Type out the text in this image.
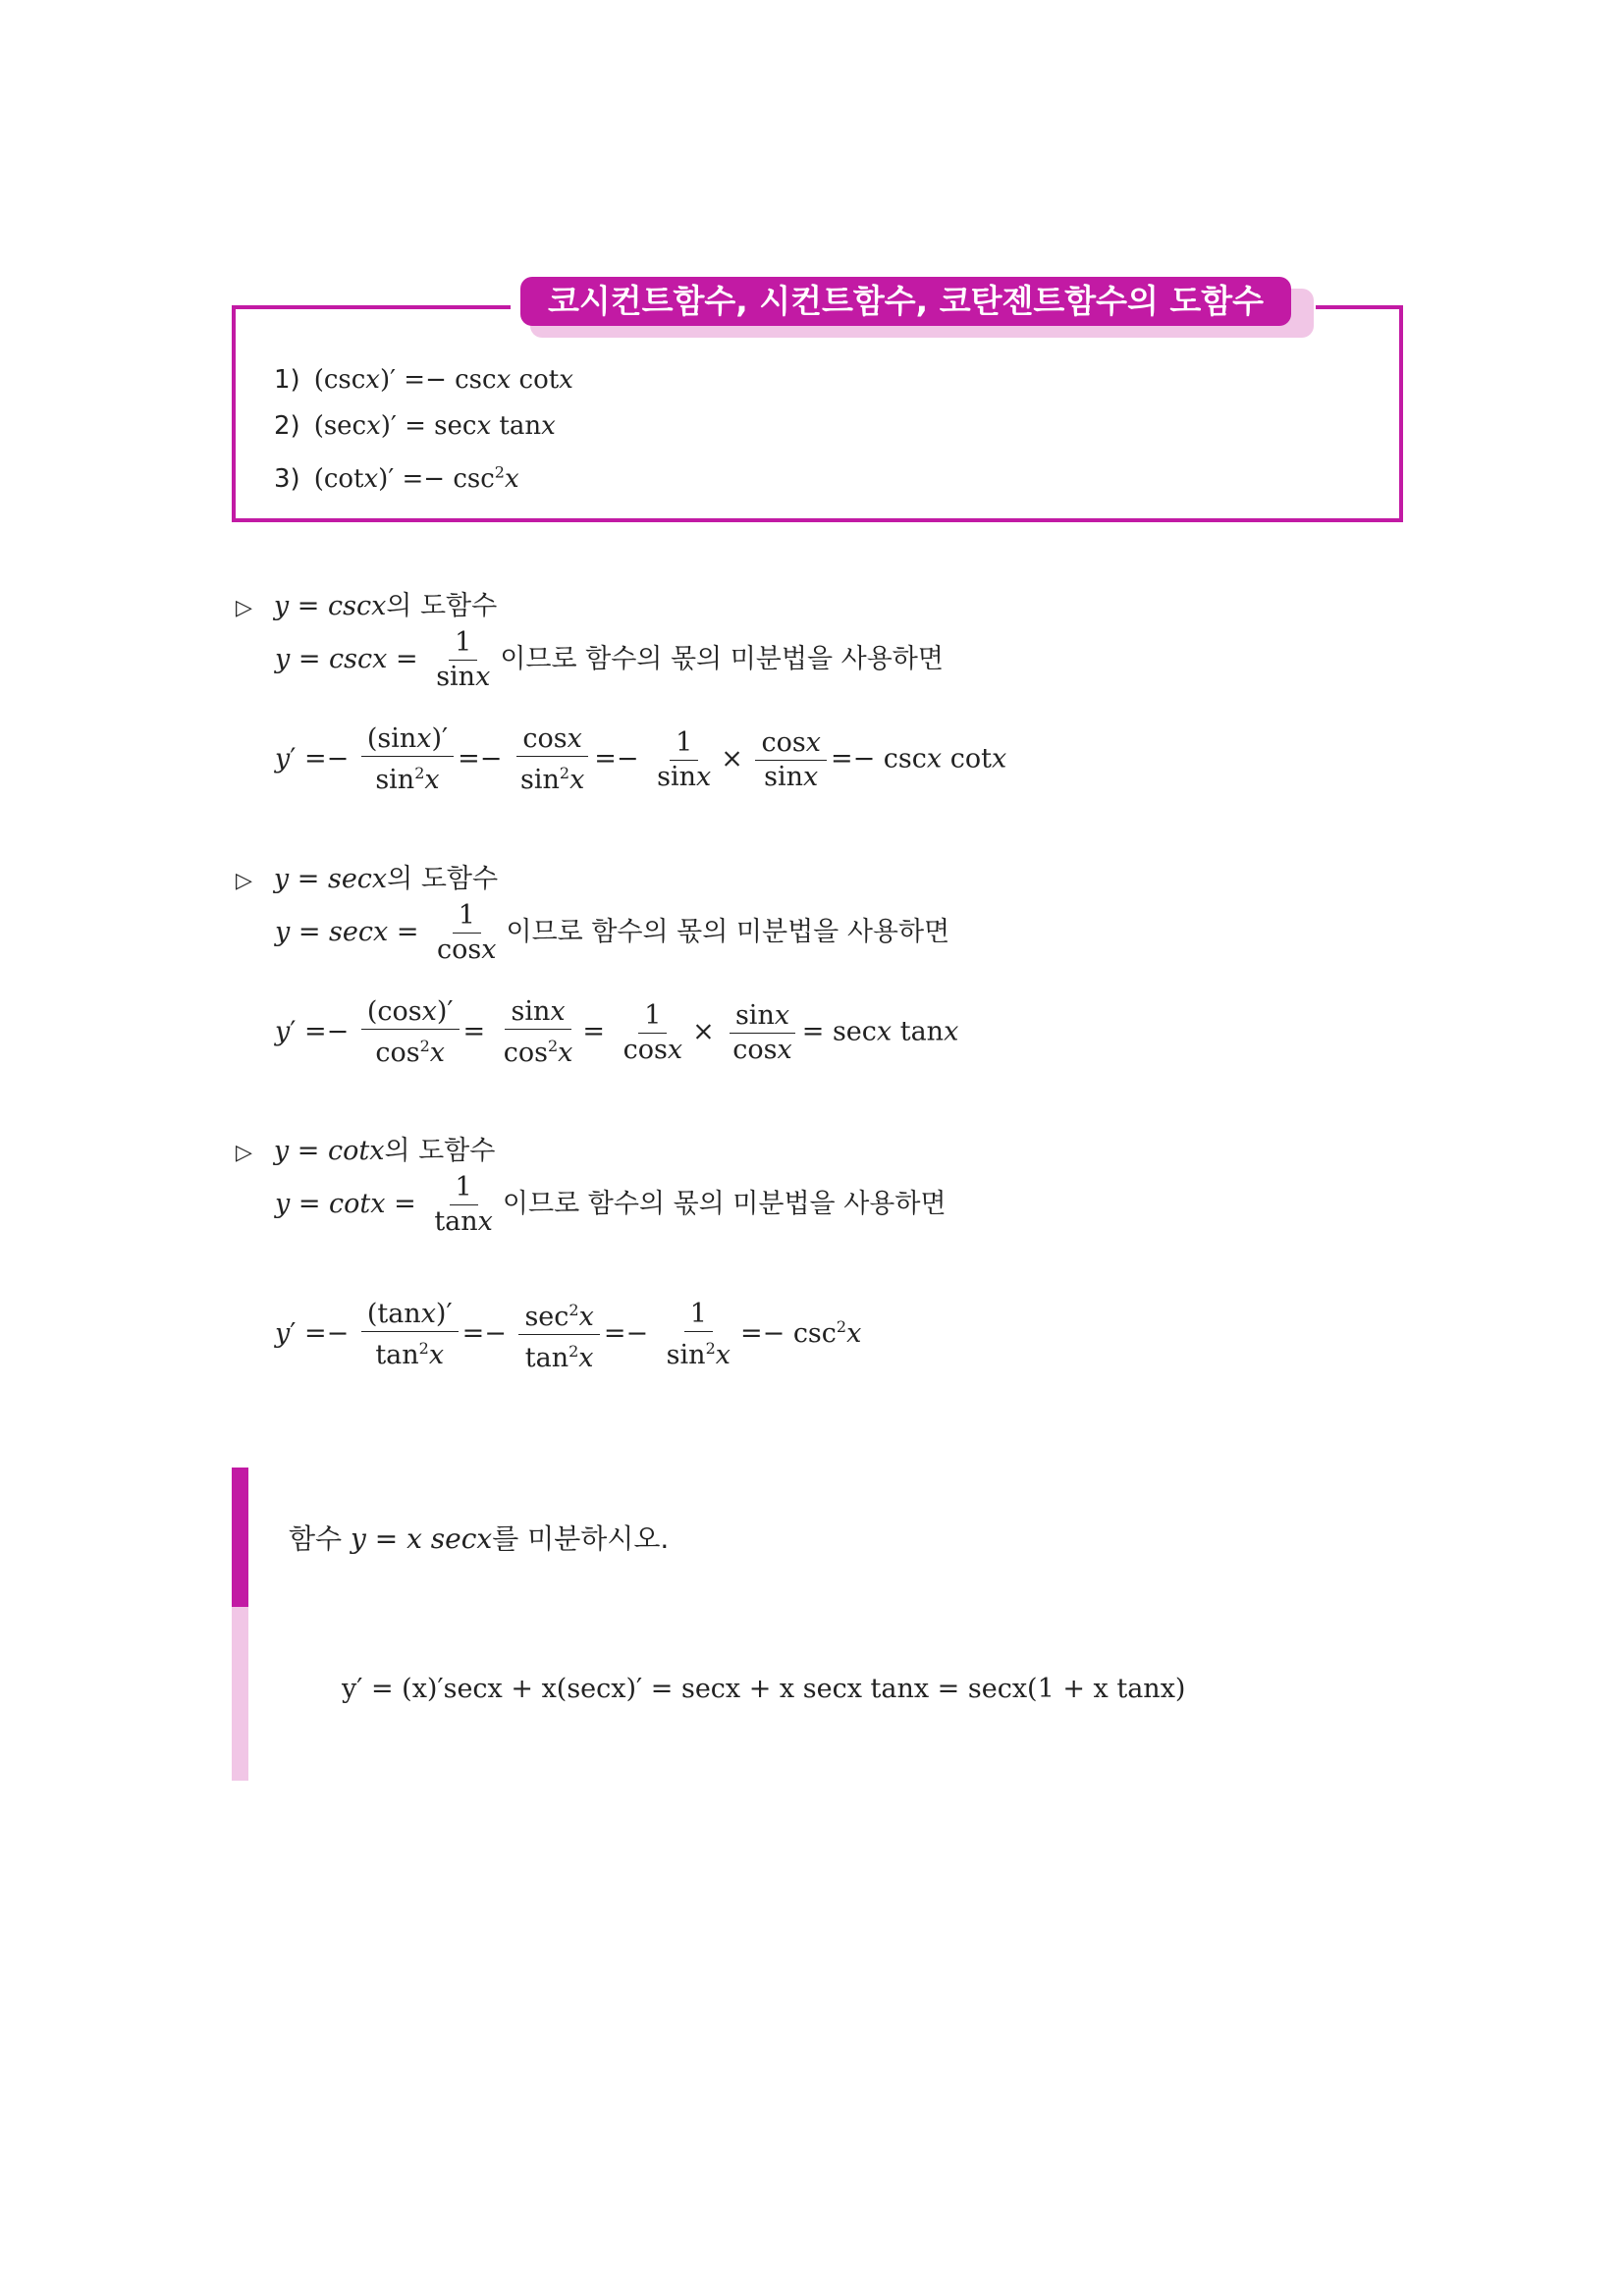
코시컨트함수, 시컨트함수, 코탄젠트함수의 도함수
1) (cscx)′ =− cscx cotx
2) (secx)′ = secx tanx
3) $(\cot x)' =- \csc^2x$
▷ y = cscx의 도함수
$y = \csc x = \frac{1}{\sin x}$ 이므로 함수의 몫의 미분법을 사용하면
$y' =- \frac{(\sin x)'}{\sin^2x} =- \frac{\cos x}{\sin^2x} =- \frac{1}{\sin x} \times \frac{\cos x}{\sin x} =- \csc x$ cotx
▷ y = secx의 도함수
$y = \sec x = \frac{1}{\cos x}$ 이므로 함수의 몫의 미분법을 사용하면
$y' =- \frac{(\cos x)'}{\cos^2x} = \frac{\sin x}{\cos^2x} = \frac{1}{\cos x} \times \frac{\sin x}{\cos x} = \sec x$ tanx
▷ y = cotx의 도함수
$y = \cot x = \frac{1}{\tan x}$ 이므로 함수의 몫의 미분법을 사용하면
$y' =- \frac{(\tan x)'}{\tan^2x} =- \frac{\sec^2x}{\tan^2x} =- \frac{1}{\sin^2x} =- \csc^2x$
함수 y = x secx를 미분하시오.
y′ = (x)′secx + x(secx)′ = secx + x secx tanx = secx(1 + x tanx)
